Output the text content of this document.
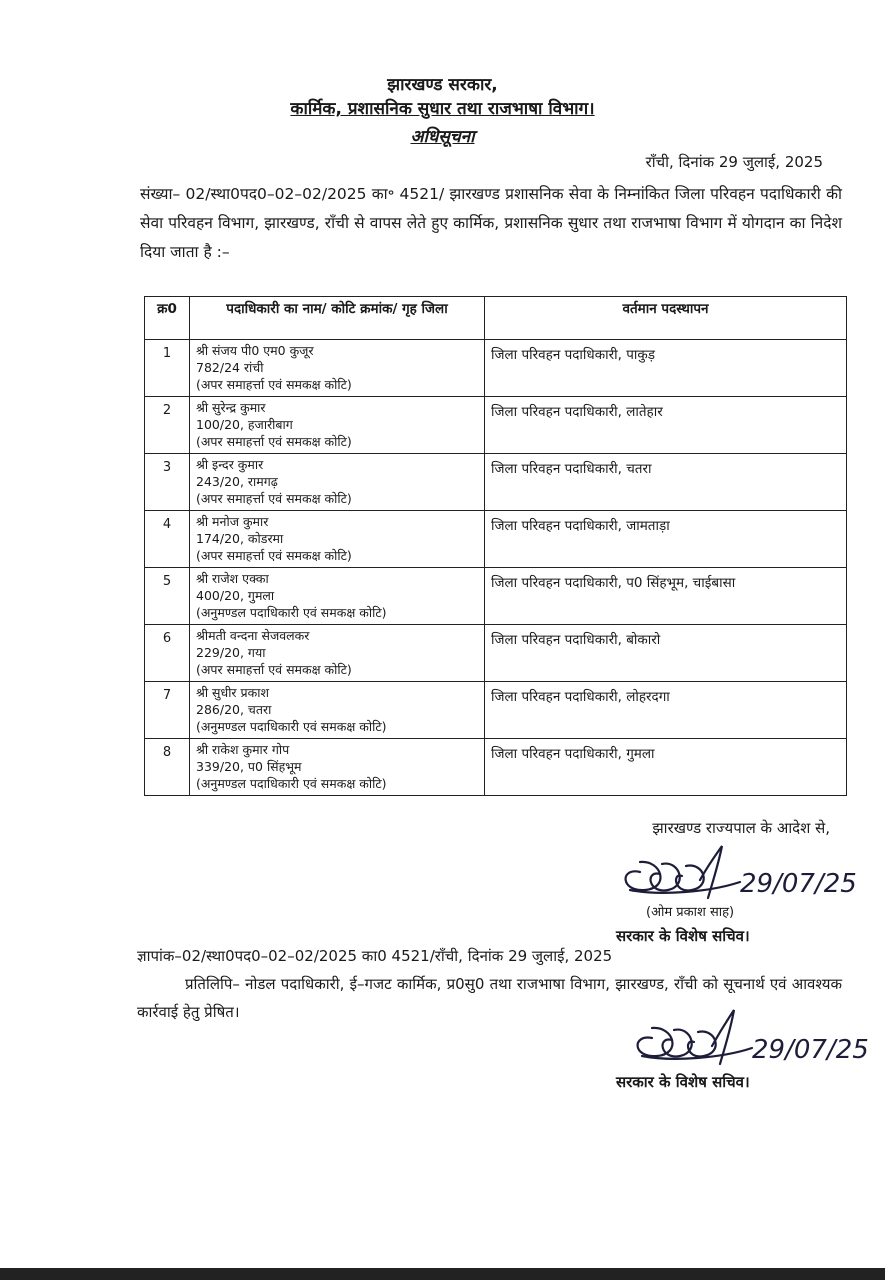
झारखण्ड सरकार,
कार्मिक, प्रशासनिक सुधार तथा राजभाषा विभाग।
अधिसूचना
राँची, दिनांक 29 जुलाई, 2025
संख्या– 02/स्था0पद0–02–02/2025 का॰ 4521/ झारखण्ड प्रशासनिक सेवा के निम्नांकित जिला परिवहन पदाधिकारी की सेवा परिवहन विभाग, झारखण्ड, राँची से वापस लेते हुए कार्मिक, प्रशासनिक सुधार तथा राजभाषा विभाग में योगदान का निदेश दिया जाता है :–
क्र0	पदाधिकारी का नाम/ कोटि क्रमांक/ गृह जिला	वर्तमान पदस्थापन
1	श्री संजय पी0 एम0 कुजूर
782/24 रांची
(अपर समाहर्त्ता एवं समकक्ष कोटि)	जिला परिवहन पदाधिकारी, पाकुड़
2	श्री सुरेन्द्र कुमार
100/20, हजारीबाग
(अपर समाहर्त्ता एवं समकक्ष कोटि)	जिला परिवहन पदाधिकारी, लातेहार
3	श्री इन्दर कुमार
243/20, रामगढ़
(अपर समाहर्त्ता एवं समकक्ष कोटि)	जिला परिवहन पदाधिकारी, चतरा
4	श्री मनोज कुमार
174/20, कोडरमा
(अपर समाहर्त्ता एवं समकक्ष कोटि)	जिला परिवहन पदाधिकारी, जामताड़ा
5	श्री राजेश एक्का
400/20, गुमला
(अनुमण्डल पदाधिकारी एवं समकक्ष कोटि)	जिला परिवहन पदाधिकारी, प0 सिंहभूम, चाईबासा
6	श्रीमती वन्दना सेजवलकर
229/20, गया
(अपर समाहर्त्ता एवं समकक्ष कोटि)	जिला परिवहन पदाधिकारी, बोकारो
7	श्री सुधीर प्रकाश
286/20, चतरा
(अनुमण्डल पदाधिकारी एवं समकक्ष कोटि)	जिला परिवहन पदाधिकारी, लोहरदगा
8	श्री राकेश कुमार गोप
339/20, प0 सिंहभूम
(अनुमण्डल पदाधिकारी एवं समकक्ष कोटि)	जिला परिवहन पदाधिकारी, गुमला
झारखण्ड राज्यपाल के आदेश से,
29/07/25
(ओम प्रकाश साह)
सरकार के विशेष सचिव।
ज्ञापांक–02/स्था0पद0–02–02/2025 का0 4521/राँची, दिनांक 29 जुलाई, 2025
प्रतिलिपि– नोडल पदाधिकारी, ई–गजट कार्मिक, प्र0सु0 तथा राजभाषा विभाग, झारखण्ड, राँची को सूचनार्थ एवं आवश्यक कार्रवाई हेतु प्रेषित।
29/07/25
सरकार के विशेष सचिव।
